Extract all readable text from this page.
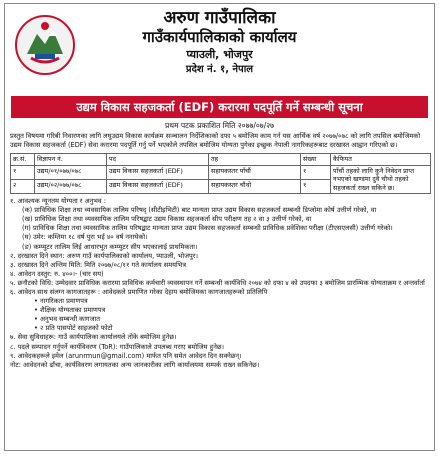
अरुण गाउँपालिका
गाउँकार्यपालिकाको कार्यालय
प्याउली, भोजपुर
प्रदेश नं. १, नेपाल
उद्यम विकास सहजकर्ता (EDF) करारमा पदपूर्ति गर्ने सम्बन्धी सूचना
प्रथम पटक प्रकाशित मिति २०७७/०७/२७
प्रस्तुत विषयमा गरिबी निवारणका लागि लघुउद्यम विकास कार्यक्रम सञ्चालन निर्देशिकाको दफा ५ बमोजिम काम गर्न यस आर्थिक वर्ष २०७७/०७८ को लागि तपसिल बमोजिमको उद्यम विकास सहजकर्ता (EDF) सेवा करारमा पदपूर्ति गर्नु पर्ने भएकोले तपसिल बमोजिम योग्यता पुगेका इच्छुक नेपाली नागरिकहरूबाट दरखास्त आह्वान गरिएको छ।
क्र.सं.	विज्ञापन नं.	पद	तह	संख्या	कैफियत
१	उद्यम/०१/०७७/०७८	उद्यम विकास सहजकर्ता (EDF)	सहायकस्तर पाँचौं	१	पाँचौं तहको लागि कुनै निवेदन प्राप्त नभएको खण्डमा दुवै चौथो तहको सहजकर्ता राख्न सकिने छ।
२	उद्यम/०२/०७७/०७८	उद्यम विकास सहजकर्ता (EDF)	सहायकस्तर चौथो	१	
१. आवश्यक न्यूनतम योग्यता र अनुभव :
(क) प्राविधिक शिक्षा तथा व्यवसायिक तालिम परिषद् (सीटीइभिटी) बाट मान्यता प्राप्त उद्यम विकास सहजकर्ता सम्बन्धी डिप्लोमा कोर्ष उत्तीर्ण गरेको, वा
(ख) प्राविधिक शिक्षा तथा व्यवसायिक तालिम परिषद्बाट उद्यम विकास सहजकर्ता सीप परीक्षण तह २ वा ३ उत्तीर्ण गरेको, वा
(ग) प्राविधिक शिक्षा तथा व्यवसायिक तालिम परिषद्बाट मान्यता प्राप्त उद्यम विकास सहजकर्ता सम्बन्धी प्राविधिक प्रवेशिका परीक्षा (टीएसएलसी) उत्तीर्ण गरेको।
(घ) उमेर: कम्तिमा १८ वर्ष पुरा भई ४० वर्ष ननाघेको।
(ङ) कम्प्युटर तालिम लिई आधारभूत कम्प्युटर सीप भएकालाई प्राथमिकता।
२. दरखास्त दिने स्थान: अरुण गाउँ कार्यपालिकाको कार्यालय, प्याउली, भोजपुर।
३. दरखास्त दिने अन्तिम मिति: मिति २०७७/०८/११ गते कार्यालय समयभित्र
४. आवेदन दस्तुर: रु. ४००।- (चार सय)
५. छनौटको विधि: उम्मेदवार प्राविधिक करारमा प्राविधिक कर्मचारी व्यवस्थापन गर्ने सम्बन्धी कार्यविधि २०७४ को दफा ४ को उपदफा ३ बमोजिम प्रारम्भिक योग्यताक्रम र अन्तर्वार्ता
६. आवेदन साथ संलग्न कागजातहरू : आवेदकले प्रमाणित गरेका देहाय बमोजिमका कागजातहरूको प्रतिलिपि
• नागरिकता प्रमाणपत्र
• शैक्षिक योग्यताका प्रमाणपत्र
• अनुभव सम्बन्धी कागजात
• २ प्रति पासपोर्ट साइजको फोटो
७. सेवा सुविधाहरू: गाउँ कार्यपालिका कार्यालयले तोके बमोजिम हुनेछ।
८. पदले सम्पादन गर्नुपर्ने कार्यविवरण (ToR): गाउँपालिकाले उपलब्ध गराए बमोजिम हुनेछ।
९. आवेदकहरूले इमेल (arunrmun@gmail.com) मार्फत पनि समेत आवेदन दिन सक्नेछन्।
नोट: आवेदनको ढाँचा, कार्यविवरण लगायतका अन्य जानकारीका लागि कार्यालयमा सम्पर्क राख्न सकिनेछ।
